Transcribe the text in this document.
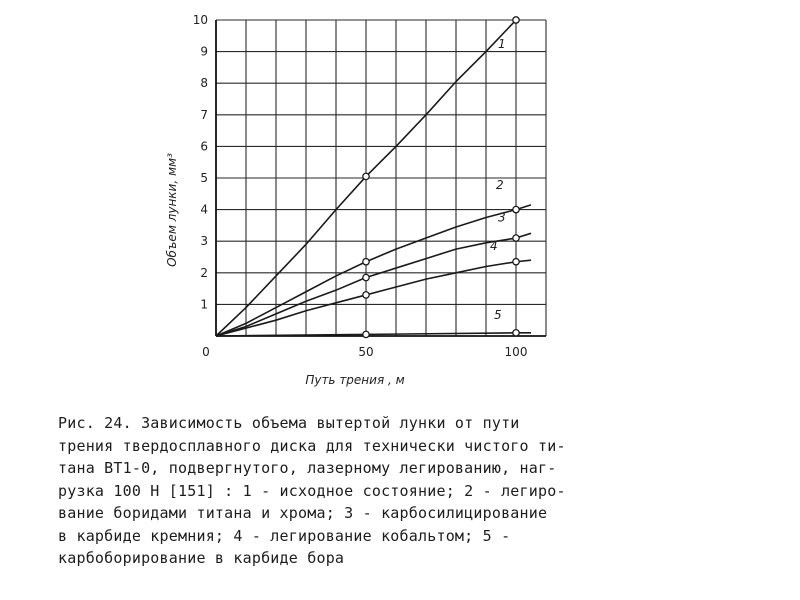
1
2
3
4
5
0	50	100
1
2
3
4
5
6
7
8
9
10
Путь трения , м
Объем лунки, мм³
Рис. 24. Зависимость объема вытертой лунки от пути
трения твердосплавного диска для технически чистого ти-
тана ВТ1-0, подвергнутого, лазерному легированию, наг-
рузка 100 Н [151] : 1 - исходное состояние; 2 - легиро-
вание боридами титана и хрома; 3 - карбосилицирование
в карбиде кремния; 4 - легирование кобальтом; 5 -
карбоборирование в карбиде бора
